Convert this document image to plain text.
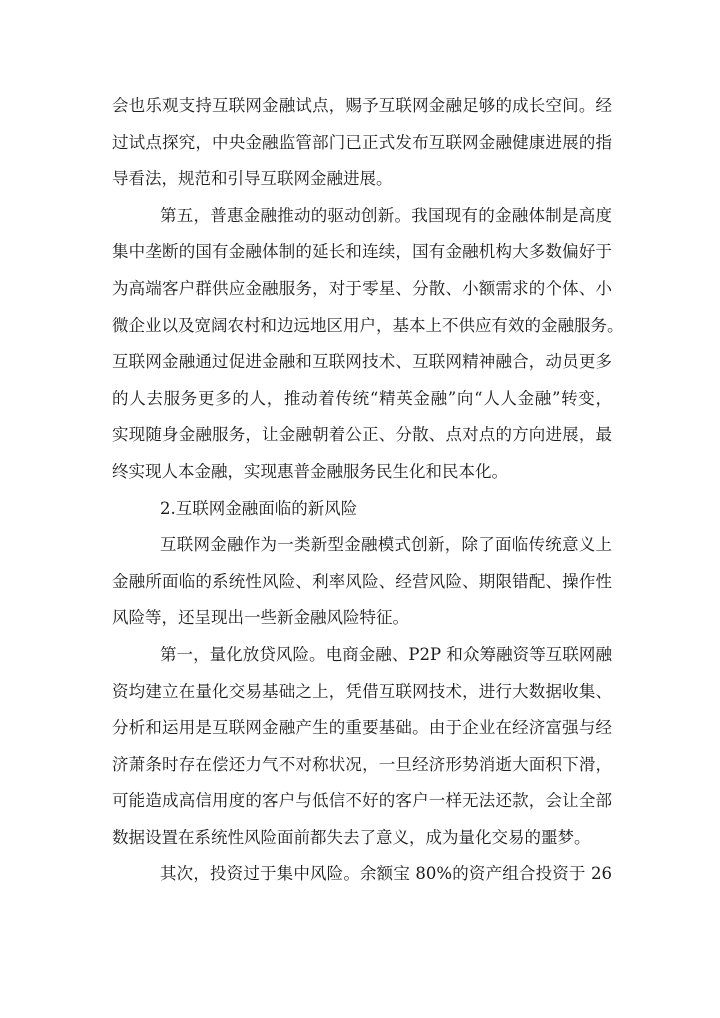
会也乐观支持互联网金融试点，赐予互联网金融足够的成长空间。经
过试点探究，中央金融监管部门已正式发布互联网金融健康进展的指
导看法，规范和引导互联网金融进展。
第五，普惠金融推动的驱动创新。我国现有的金融体制是高度
集中垄断的国有金融体制的延长和连续，国有金融机构大多数偏好于
为高端客户群供应金融服务，对于零星、分散、小额需求的个体、小
微企业以及宽阔农村和边远地区用户，基本上不供应有效的金融服务。
互联网金融通过促进金融和互联网技术、互联网精神融合，动员更多
的人去服务更多的人，推动着传统“精英金融”向“人人金融”转变，
实现随身金融服务，让金融朝着公正、分散、点对点的方向进展，最
终实现人本金融，实现惠普金融服务民生化和民本化。
2.互联网金融面临的新风险
互联网金融作为一类新型金融模式创新，除了面临传统意义上
金融所面临的系统性风险、利率风险、经营风险、期限错配、操作性
风险等，还呈现出一些新金融风险特征。
第一，量化放贷风险。电商金融、P2P 和众筹融资等互联网融
资均建立在量化交易基础之上，凭借互联网技术，进行大数据收集、
分析和运用是互联网金融产生的重要基础。由于企业在经济富强与经
济萧条时存在偿还力气不对称状况，一旦经济形势消逝大面积下滑，
可能造成高信用度的客户与低信不好的客户一样无法还款，会让全部
数据设置在系统性风险面前都失去了意义，成为量化交易的噩梦。
其次，投资过于集中风险。余额宝 80%的资产组合投资于 26
